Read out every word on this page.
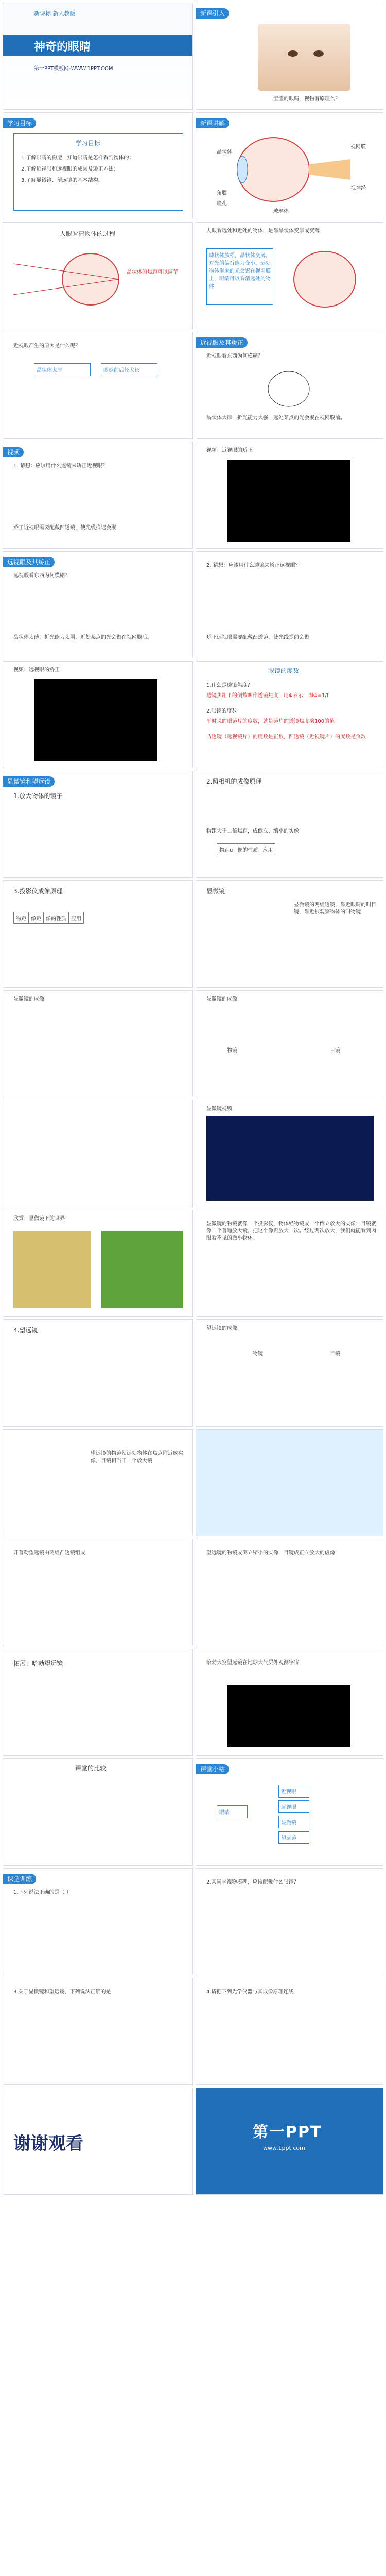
新课标 新人教版
神奇的眼睛
第一PPT模板网-WWW.1PPT.COM
新课引入
宝宝的眼睛，视物有原理么？
学习目标
学习目标
1.了解眼睛的构造，知道眼睛是怎样看到物体的；
2.了解近视眼和远视眼的成因及矫正方法；
3.了解显微镜、望远镜的基本结构。
新课讲解
晶状体
角膜
瞳孔
玻璃体
视网膜
视神经
人眼看清物体的过程
晶状体的焦距可以调节
人眼看远处和近处的物体，是靠晶状体变厚或变薄
睫状体放松，晶状体变薄，对光的偏折能力变小，远处物体射来的光会聚在视网膜上，眼睛可以看清远处的物体
近视眼产生的原因是什么呢？
晶状体太厚	眼球前后径太长
近视眼及其矫正
近视眼看东西为何模糊？
晶状体太厚，折光能力太强，远处某点的光会聚在视网膜前。
视频
1. 猜想：应该用什么透镜来矫正近视眼？
矫正近视眼需要配戴凹透镜，使光线推迟会聚
视频：近视眼的矫正
远视眼及其矫正
远视眼看东西为何模糊？
晶状体太薄，折光能力太弱，近处某点的光会聚在视网膜后。
2. 猜想：应该用什么透镜来矫正远视眼？
矫正远视眼需要配戴凸透镜，使光线提前会聚
视频：远视眼的矫正	眼镜的度数
1.什么是透镜焦度？
透镜焦距 f 的倒数叫作透镜焦度，用Φ表示，即Φ=1/f
2.眼镜的度数
平时说的眼镜片的度数，就是镜片的透镜焦度乘100的值
凸透镜（远视镜片）的度数是正数，凹透镜（近视镜片）的度数是负数
显微镜和望远镜
1.放大物体的镜子
2.照相机的成像原理
物距大于二倍焦距，成倒立、缩小的实像
物距u	像的性质	应用
3.投影仪成像原理
物距	像距	像的性质	应用
显微镜
显微镜的两组透镜，靠近眼睛的叫目镜，靠近被观察物体的叫物镜
显微镜的成像	显微镜的成像
物镜	目镜
显微镜视频
欣赏：显微镜下的世界
显微镜的物镜就像一个投影仪，物体经物镜成一个倒立放大的实像；目镜就像一个普通放大镜，把这个像再放大一次。经过两次放大，我们就能看到肉眼看不见的微小物体。
4.望远镜	望远镜的成像
物镜	目镜
望远镜的物镜使远处物体在焦点附近成实像，目镜相当于一个放大镜
开普勒望远镜由两组凸透镜组成	望远镜的物镜成倒立缩小的实像，目镜成正立放大的虚像
拓展：哈勃望远镜	哈勃太空望远镜在地球大气层外观测宇宙
课堂的比较	课堂小结
眼睛
近视眼
远视眼
显微镜
望远镜
课堂训练
1.下列说法正确的是（ ）
2.某同学视物模糊，应该配戴什么眼镜？
3.关于显微镜和望远镜，下列说法正确的是	4.请把下列光学仪器与其成像原理连线
谢谢观看
第一PPT
www.1ppt.com
